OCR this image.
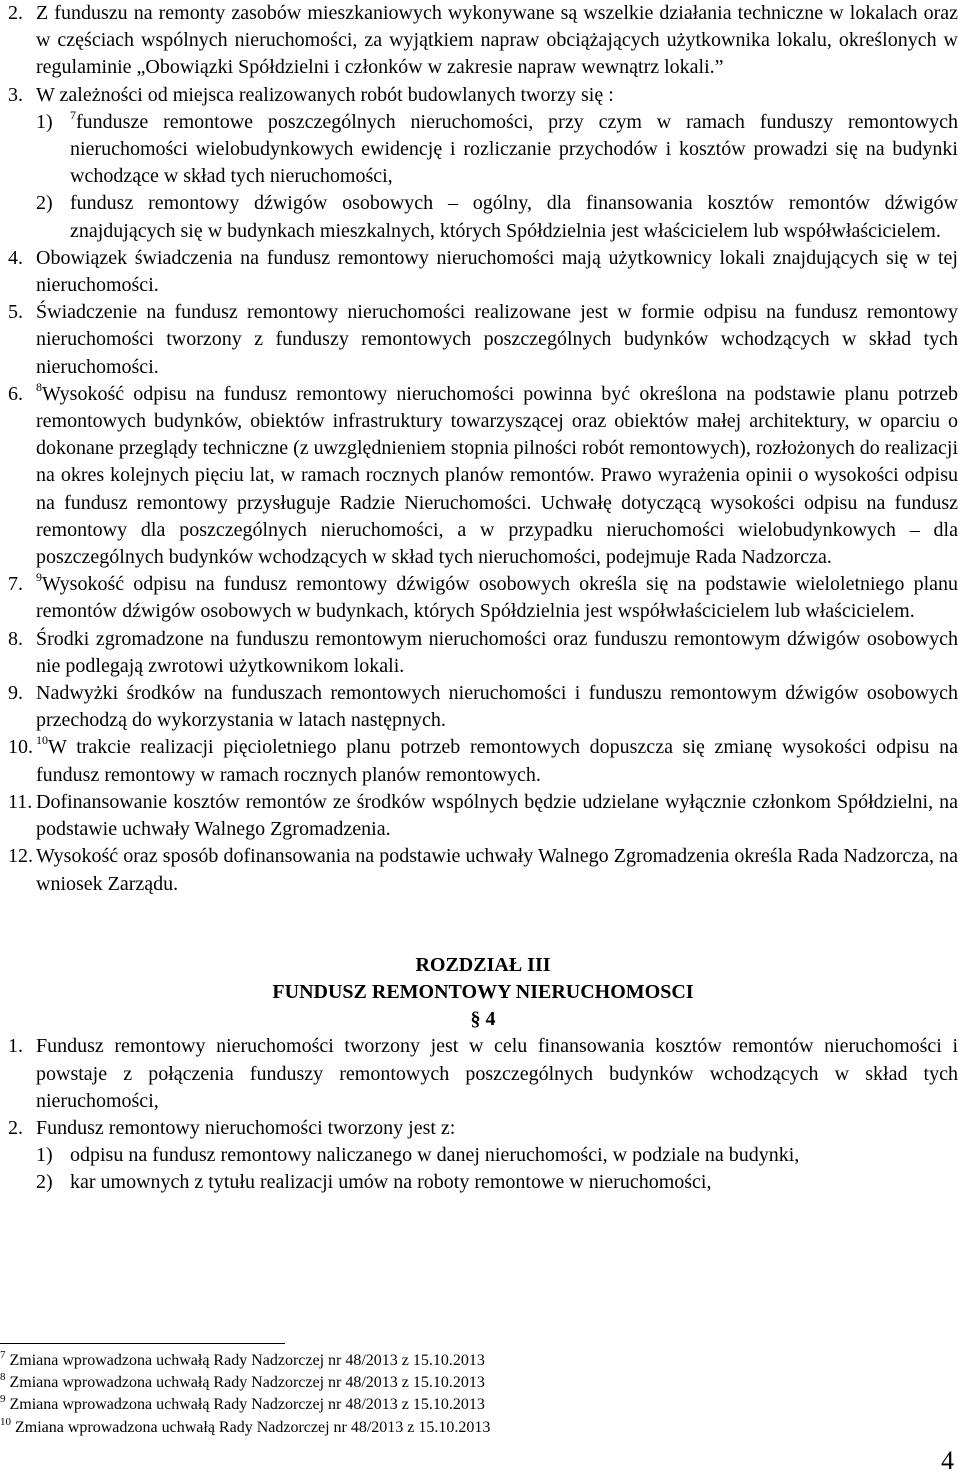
2. Z funduszu na remonty zasobów mieszkaniowych wykonywane są wszelkie działania techniczne w lokalach oraz w częściach wspólnych nieruchomości, za wyjątkiem napraw obciążających użytkownika lokalu, określonych w regulaminie „Obowiązki Spółdzielni i członków w zakresie napraw wewnątrz lokali.”
3. W zależności od miejsca realizowanych robót budowlanych tworzy się :
1) $^7$fundusze remontowe poszczególnych nieruchomości, przy czym w ramach funduszy remontowych nieruchomości wielobudynkowych ewidencję i rozliczanie przychodów i kosztów prowadzi się na budynki wchodzące w skład tych nieruchomości,
2) fundusz remontowy dźwigów osobowych – ogólny, dla finansowania kosztów remontów dźwigów znajdujących się w budynkach mieszkalnych, których Spółdzielnia jest właścicielem lub współwłaścicielem.
4. Obowiązek świadczenia na fundusz remontowy nieruchomości mają użytkownicy lokali znajdujących się w tej nieruchomości.
5. Świadczenie na fundusz remontowy nieruchomości realizowane jest w formie odpisu na fundusz remontowy nieruchomości tworzony z funduszy remontowych poszczególnych budynków wchodzących w skład tych nieruchomości.
6. $^8$Wysokość odpisu na fundusz remontowy nieruchomości powinna być określona na podstawie planu potrzeb remontowych budynków, obiektów infrastruktury towarzyszącej oraz obiektów małej architektury, w oparciu o dokonane przeglądy techniczne (z uwzględnieniem stopnia pilności robót remontowych), rozłożonych do realizacji na okres kolejnych pięciu lat, w ramach rocznych planów remontów. Prawo wyrażenia opinii o wysokości odpisu na fundusz remontowy przysługuje Radzie Nieruchomości. Uchwałę dotyczącą wysokości odpisu na fundusz remontowy dla poszczególnych nieruchomości, a w przypadku nieruchomości wielobudynkowych – dla poszczególnych budynków wchodzących w skład tych nieruchomości, podejmuje Rada Nadzorcza.
7. $^9$Wysokość odpisu na fundusz remontowy dźwigów osobowych określa się na podstawie wieloletniego planu remontów dźwigów osobowych w budynkach, których Spółdzielnia jest współwłaścicielem lub właścicielem.
8. Środki zgromadzone na funduszu remontowym nieruchomości oraz funduszu remontowym dźwigów osobowych nie podlegają zwrotowi użytkownikom lokali.
9. Nadwyżki środków na funduszach remontowych nieruchomości i funduszu remontowym dźwigów osobowych przechodzą do wykorzystania w latach następnych.
10. $^{10}$W trakcie realizacji pięcioletniego planu potrzeb remontowych dopuszcza się zmianę wysokości odpisu na fundusz remontowy w ramach rocznych planów remontowych.
11. Dofinansowanie kosztów remontów ze środków wspólnych będzie udzielane wyłącznie członkom Spółdzielni, na podstawie uchwały Walnego Zgromadzenia.
12. Wysokość oraz sposób dofinansowania na podstawie uchwały Walnego Zgromadzenia określa Rada Nadzorcza, na wniosek Zarządu.
ROZDZIAŁ III
FUNDUSZ REMONTOWY NIERUCHOMOSCI
§ 4
1. Fundusz remontowy nieruchomości tworzony jest w celu finansowania kosztów remontów nieruchomości i powstaje z połączenia funduszy remontowych poszczególnych budynków wchodzących w skład tych nieruchomości,
2. Fundusz remontowy nieruchomości tworzony jest z:
1) odpisu na fundusz remontowy naliczanego w danej nieruchomości, w podziale na budynki,
2) kar umownych z tytułu realizacji umów na roboty remontowe w nieruchomości,
$^7$ Zmiana wprowadzona uchwałą Rady Nadzorczej nr 48/2013 z 15.10.2013
$^8$ Zmiana wprowadzona uchwałą Rady Nadzorczej nr 48/2013 z 15.10.2013
$^9$ Zmiana wprowadzona uchwałą Rady Nadzorczej nr 48/2013 z 15.10.2013
$^{10}$ Zmiana wprowadzona uchwałą Rady Nadzorczej nr 48/2013 z 15.10.2013
4
